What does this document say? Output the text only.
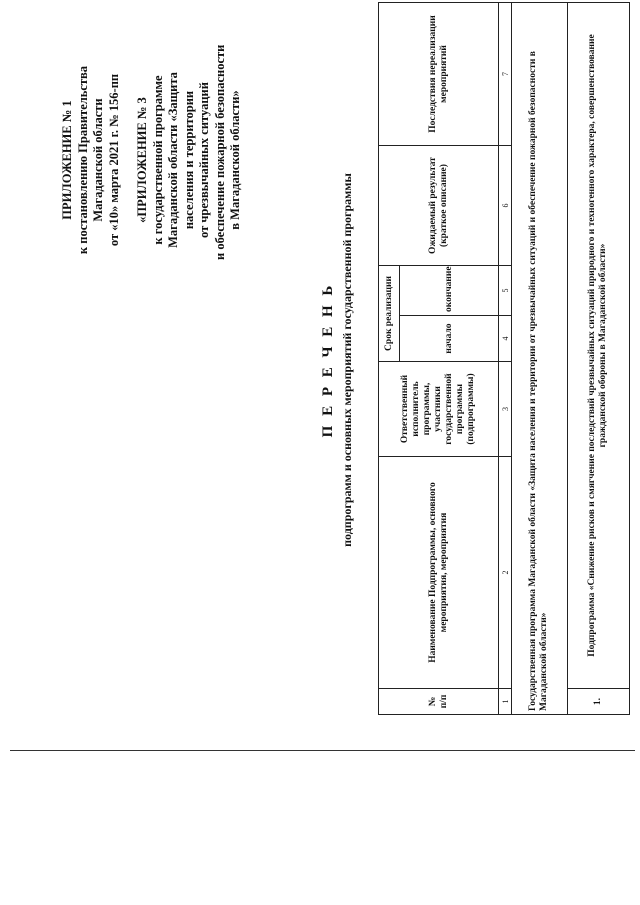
ПРИЛОЖЕНИЕ № 1 к постановлению Правительства Магаданской области от «10» марта 2021 г. № 156-пп «ПРИЛОЖЕНИЕ № 3 к государственной программе Магаданской области «Защита населения и территории от чрезвычайных ситуаций и обеспечение пожарной безопасности в Магаданской области»
П Е Р Е Ч Е Н Ь подпрограмм и основных мероприятий государственной программы
№ п/п	Наименование Подпрограммы, основного мероприятия, мероприятия	Ответственный исполнитель программы, участники государственной программы (подпрограммы)	Срок реализации		Ожидаемый результат (краткое описание)	Последствия нереализации мероприятий
			начало	окончание		
1	2	3	4	5	6	7
Государственная программа Магаданской области «Защита населения и территории от чрезвычайных ситуаций и обеспечение пожарной безопасности в Магаданской области»						
1.	Подпрограмма «Снижение рисков и смягчение последствий чрезвычайных ситуаций природного и техногенного характера, совершенствование гражданской обороны в Магаданской области»					
